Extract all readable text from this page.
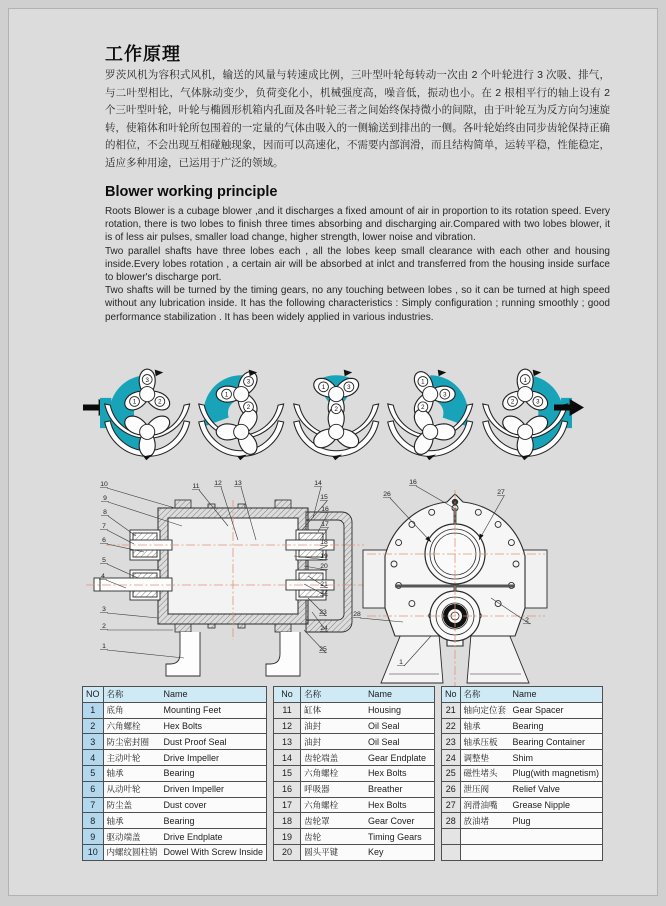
工作原理
罗茨风机为容积式风机，输送的风量与转速成比例，三叶型叶轮每转动一次由 2 个叶轮进行 3 次吸、排气，与二叶型相比，气体脉动变少，负荷变化小，机械强度高，噪音低，振动也小。在 2 根相平行的轴上设有 2 个三叶型叶轮，叶轮与椭圆形机箱内孔面及各叶轮三者之间始终保持微小的间隙，由于叶轮互为反方向匀速旋转，使箱体和叶轮所包围着的一定量的气体由吸入的一侧输送到排出的一侧。各叶轮始终由同步齿轮保持正确的相位，不会出现互相碰触现象，因而可以高速化，不需要内部润滑，而且结构简单，运转平稳，性能稳定，适应多种用途，已运用于广泛的领域。
Blower working principle

Roots Blower is a cubage blower ,and it discharges a fixed amount of air in proportion to its rotation speed. Every rotation, there is two lobes to finish three times absorbing and discharging air.Compared with two lobes blower, it is of less air pulses, smaller load change, higher strength, lower noise and vibration.

Two parallel shafts have three lobes each , all the lobes keep small clearance with each other and housing inside.Every lobes rotation , a certain air will be absorbed at inlct and transferred from the housing inside surface to blower's discharge port.

Two shafts will be turned by the timing gears, no any touching between lobes , so it can be turned at high speed without any lubrication inside. It has the following characteristics : Simply configuration ; running smoothly ; good performance stabilization . It has been widely applied in various industries.

1	2
3
1
2
3
1
2
3
1
2
3
1
2	3
10
9
8
7
6
5
4
3
2
1
11 12 13	14
15
16
17
18
19
20
21
22
23
24
25
16
26	27
28
1
2
NO	名称	Name
1	底角	Mounting Feet
2	六角螺栓	Hex Bolts
3	防尘密封圈	Dust Proof Seal
4	主动叶轮	Drive Impeller
5	轴承	Bearing
6	从动叶轮	Driven Impeller
7	防尘盖	Dust cover
8	轴承	Bearing
9	驱动端盖	Drive Endplate
10	内螺纹圆柱销	Dowel With Screw Inside
No	名称	Name
11	缸体	Housing
12	油封	Oil Seal
13	油封	Oil Seal
14	齿轮端盖	Gear Endplate
15	六角螺栓	Hex Bolts
16	呼吸器	Breather
17	六角螺栓	Hex Bolts
18	齿轮罩	Gear Cover
19	齿轮	Timing Gears
20	圆头平键	Key
No	名称	Name
21	轴向定位套	Gear Spacer
22	轴承	Bearing
23	轴承压板	Bearing Container
24	调整垫	Shim
25	磁性堵头	Plug(with magnetism)
26	泄压阀	Relief Valve
27	润滑油嘴	Grease Nipple
28	放油堵	Plug
